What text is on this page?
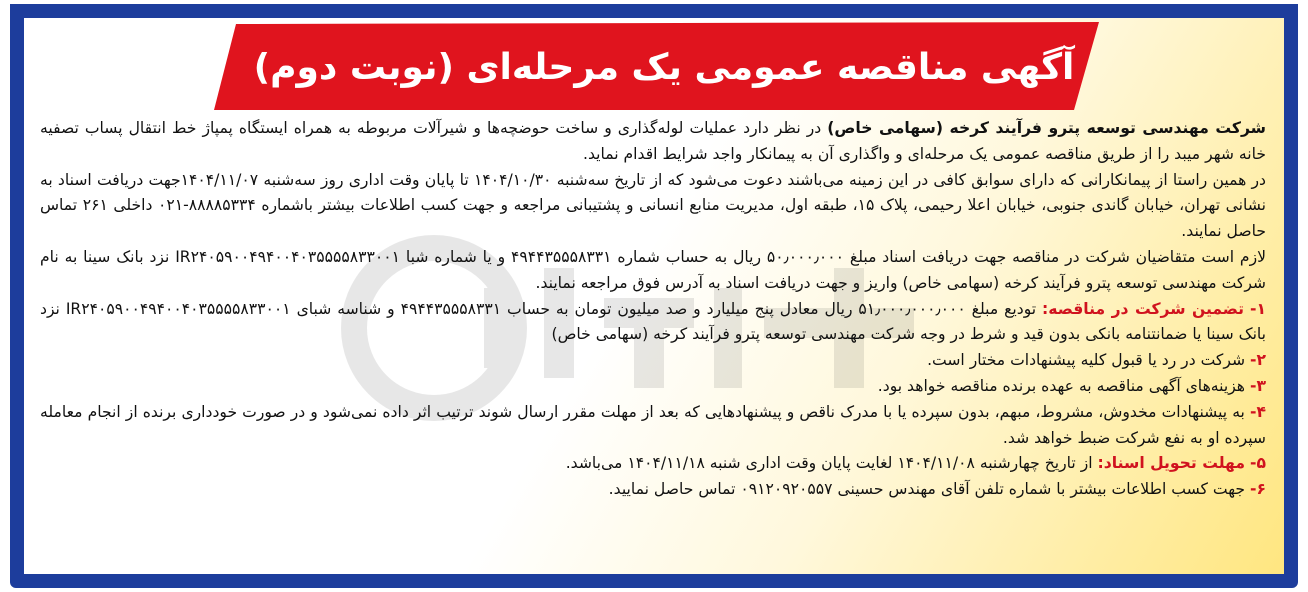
آگهی مناقصه عمومی یک مرحله‌ای (نوبت دوم)

شرکت مهندسی توسعه پترو فرآیند کرخه (سهامی خاص) در نظر دارد عملیات لوله‌گذاری و ساخت حوضچه‌ها و شیرآلات مربوطه به همراه ایستگاه پمپاژ خط انتقال پساب تصفیه خانه شهر میبد را از طریق مناقصه عمومی یک مرحله‌ای و واگذاری آن به پیمانکار واجد شرایط اقدام نماید.

در همین راستا از پیمانکارانی که دارای سوابق کافی در این زمینه می‌باشند دعوت می‌شود که از تاریخ سه‌شنبه ۱۴۰۴/۱۰/۳۰ تا پایان وقت اداری روز سه‌شنبه ۱۴۰۴/۱۱/۰۷جهت دریافت اسناد به نشانی تهران، خیابان گاندی جنوبی، خیابان اعلا رحیمی، پلاک ۱۵، طبقه اول، مدیریت منابع انسانی و پشتیبانی مراجعه و جهت کسب اطلاعات بیشتر باشماره ۸۸۸۸۵۳۳۴-۰۲۱ داخلی ۲۶۱ تماس حاصل نمایند.

لازم است متقاضیان شرکت در مناقصه جهت دریافت اسناد مبلغ ۵۰٫۰۰۰٫۰۰۰ ریال به حساب شماره ۴۹۴۴۳۵۵۵۸۳۳۱ و یا شماره شبا IR۲۴۰۵۹۰۰۴۹۴۰۰۴۰۳۵۵۵۵۸۳۳۰۰۱ نزد بانک سینا به نام شرکت مهندسی توسعه پترو فرآیند کرخه (سهامی خاص) واریز و جهت دریافت اسناد به آدرس فوق مراجعه نمایند.

۱- تضمین شرکت در مناقصه: تودیع مبلغ ۵۱٫۰۰۰٫۰۰۰٫۰۰۰ ریال معادل پنج میلیارد و صد میلیون تومان به حساب ۴۹۴۴۳۵۵۵۸۳۳۱ و شناسه شبای IR۲۴۰۵۹۰۰۴۹۴۰۰۴۰۳۵۵۵۵۸۳۳۰۰۱ نزد بانک سینا یا ضمانتنامه بانکی بدون قید و شرط در وجه شرکت مهندسی توسعه پترو فرآیند کرخه (سهامی خاص)

۲- شرکت در رد یا قبول کلیه پیشنهادات مختار است.

۳- هزینه‌های آگهی مناقصه به عهده برنده مناقصه خواهد بود.

۴- به پیشنهادات مخدوش، مشروط، مبهم، بدون سپرده یا با مدرک ناقص و پیشنهادهایی که بعد از مهلت مقرر ارسال شوند ترتیب اثر داده نمی‌شود و در صورت خودداری برنده از انجام معامله سپرده او به نفع شرکت ضبط خواهد شد.

۵- مهلت تحویل اسناد: از تاریخ چهارشنبه ۱۴۰۴/۱۱/۰۸ لغایت پایان وقت اداری شنبه ۱۴۰۴/۱۱/۱۸ می‌باشد.

۶- جهت کسب اطلاعات بیشتر با شماره تلفن آقای مهندس حسینی ۰۹۱۲۰۹۲۰۵۵۷ تماس حاصل نمایید.
